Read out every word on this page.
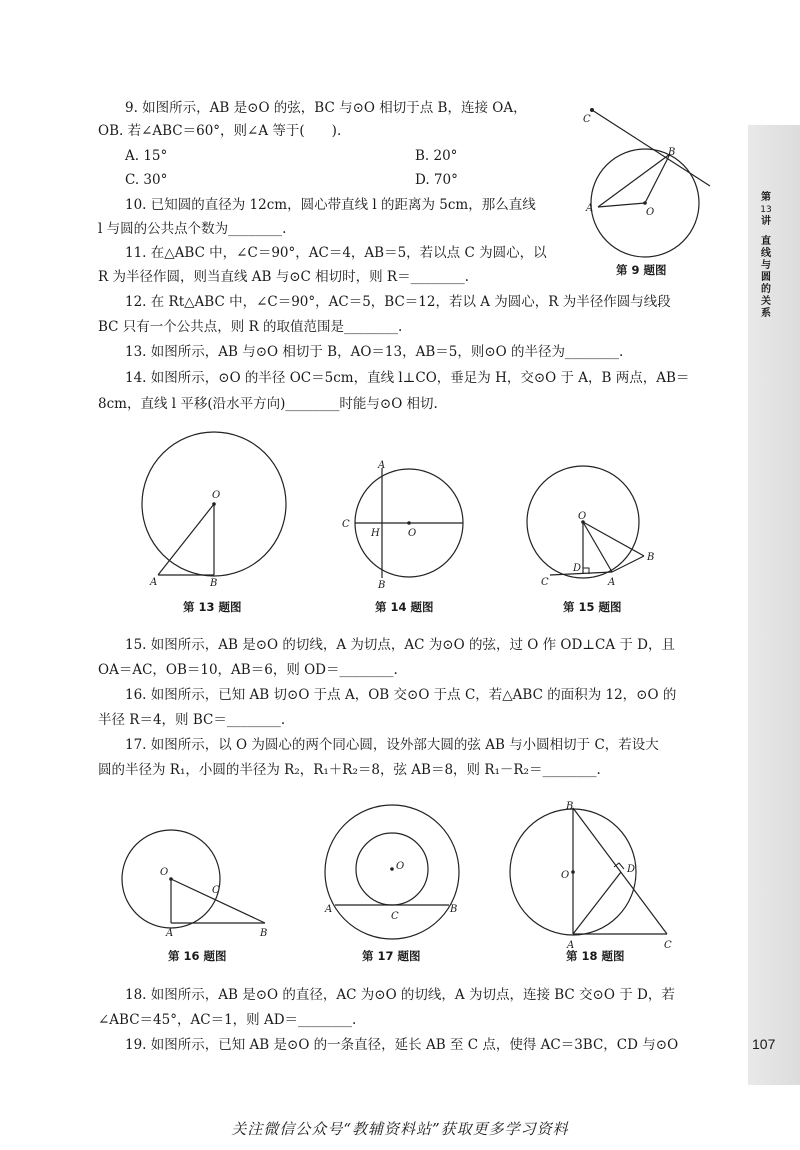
第
13
讲
直
线
与
圆
的
关
系
107
9. 如图所示，AB 是⊙O 的弦，BC 与⊙O 相切于点 B，连接 OA，
OB. 若∠ABC＝60°，则∠A 等于(　　).
A. 15°	B. 20°
C. 30°	D. 70°
C
B
A	O
第 9 题图
10. 已知圆的直径为 12cm，圆心带直线 l 的距离为 5cm，那么直线
l 与圆的公共点个数为________.
11. 在△ABC 中，∠C＝90°，AC＝4，AB＝5，若以点 C 为圆心，以
R 为半径作圆，则当直线 AB 与⊙C 相切时，则 R＝________.
12. 在 Rt△ABC 中，∠C＝90°，AC＝5，BC＝12，若以 A 为圆心，R 为半径作圆与线段
BC 只有一个公共点，则 R 的取值范围是________.
13. 如图所示，AB 与⊙O 相切于 B，AO＝13，AB＝5，则⊙O 的半径为________.
14. 如图所示，⊙O 的半径 OC＝5cm，直线 l⊥CO，垂足为 H，交⊙O 于 A，B 两点，AB＝
8cm，直线 l 平移(沿水平方向)________时能与⊙O 相切.
O
A	B
第 13 题图
A
C
H	O
B
第 14 题图
O
B
D
C	A
第 15 题图
15. 如图所示，AB 是⊙O 的切线，A 为切点，AC 为⊙O 的弦，过 O 作 OD⊥CA 于 D，且
OA＝AC，OB＝10，AB＝6，则 OD＝________.
16. 如图所示，已知 AB 切⊙O 于点 A，OB 交⊙O 于点 C，若△ABC 的面积为 12，⊙O 的
半径 R＝4，则 BC＝________.
17. 如图所示，以 O 为圆心的两个同心圆，设外部大圆的弦 AB 与小圆相切于 C，若设大
圆的半径为 R₁，小圆的半径为 R₂，R₁＋R₂＝8，弦 AB＝8，则 R₁－R₂＝________.
O
C
A	B
第 16 题图
O
A
C
B
第 17 题图
B
O
D
A	C
第 18 题图
18. 如图所示，AB 是⊙O 的直径，AC 为⊙O 的切线，A 为切点，连接 BC 交⊙O 于 D，若
∠ABC＝45°，AC＝1，则 AD＝________.
19. 如图所示，已知 AB 是⊙O 的一条直径，延长 AB 至 C 点，使得 AC＝3BC，CD 与⊙O
关注微信公众号“教辅资料站”获取更多学习资料
